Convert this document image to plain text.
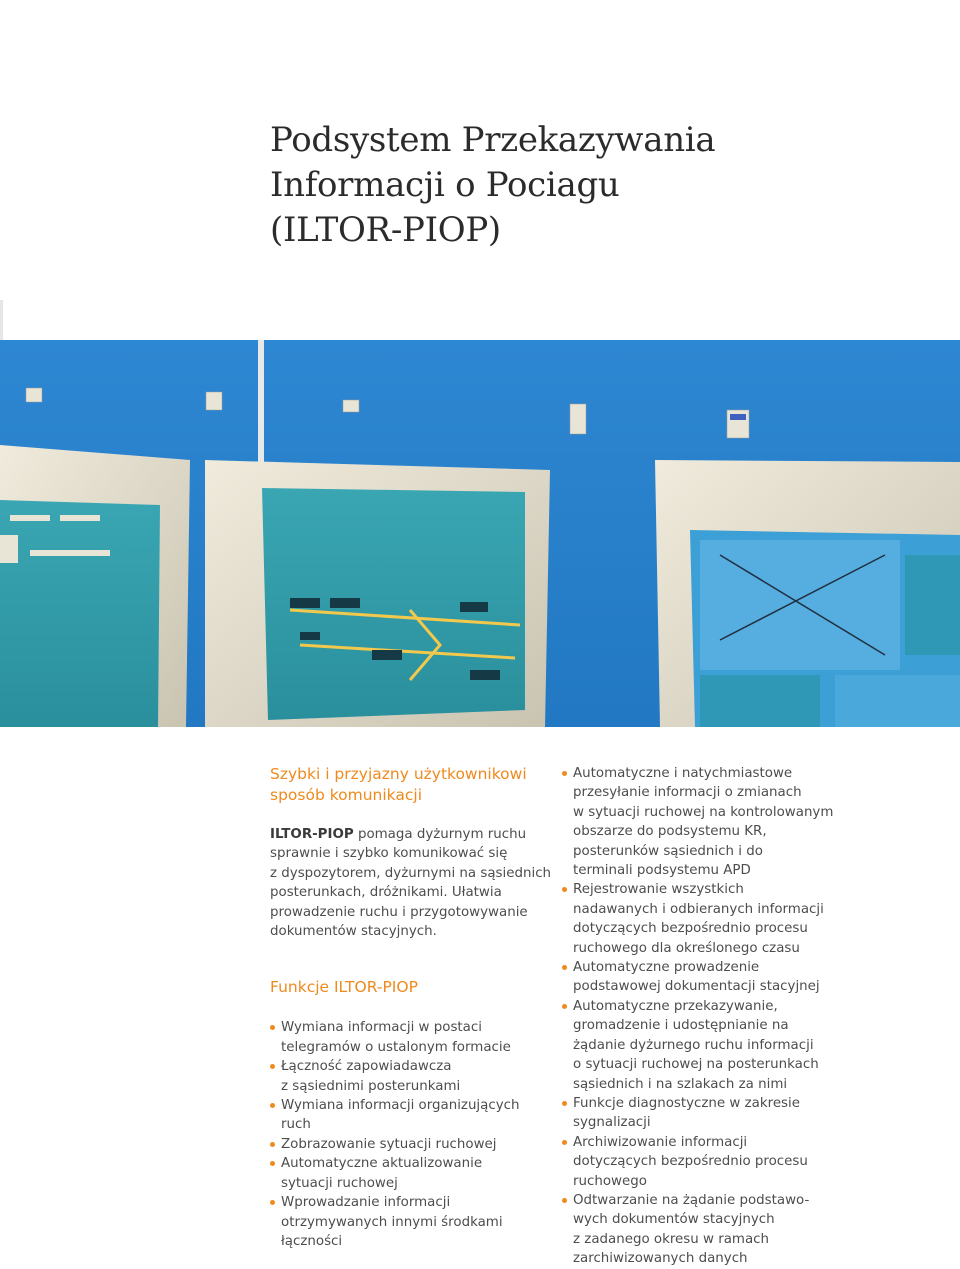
Podsystem Przekazywania
Informacji o Pociagu
(ILTOR-PIOP)
Szybki i przyjazny użytkownikowi
sposób komunikacji

ILTOR-PIOP pomaga dyżurnym ruchu
sprawnie i szybko komunikować się
z dyspozytorem, dyżurnymi na sąsiednich
posterunkach, dróżnikami. Ułatwia
prowadzenie ruchu i przygotowywanie
dokumentów stacyjnych.

Funkcje ILTOR-PIOP
Wymiana informacji w postaci
telegramów o ustalonym formacie
Łączność zapowiadawcza
z sąsiednimi posterunkami
Wymiana informacji organizujących
ruch
Zobrazowanie sytuacji ruchowej
Automatyczne aktualizowanie
sytuacji ruchowej
Wprowadzanie informacji
otrzymywanych innymi środkami
łączności
Automatyczne i natychmiastowe
przesyłanie informacji o zmianach
w sytuacji ruchowej na kontrolowanym
obszarze do podsystemu KR,
posterunków sąsiednich i do
terminali podsystemu APD
Rejestrowanie wszystkich
nadawanych i odbieranych informacji
dotyczących bezpośrednio procesu
ruchowego dla określonego czasu
Automatyczne prowadzenie
podstawowej dokumentacji stacyjnej
Automatyczne przekazywanie,
gromadzenie i udostępnianie na
żądanie dyżurnego ruchu informacji
o sytuacji ruchowej na posterunkach
sąsiednich i na szlakach za nimi
Funkcje diagnostyczne w zakresie
sygnalizacji
Archiwizowanie informacji
dotyczących bezpośrednio procesu
ruchowego
Odtwarzanie na żądanie podstawo-
wych dokumentów stacyjnych
z zadanego okresu w ramach
zarchiwizowanych danych
